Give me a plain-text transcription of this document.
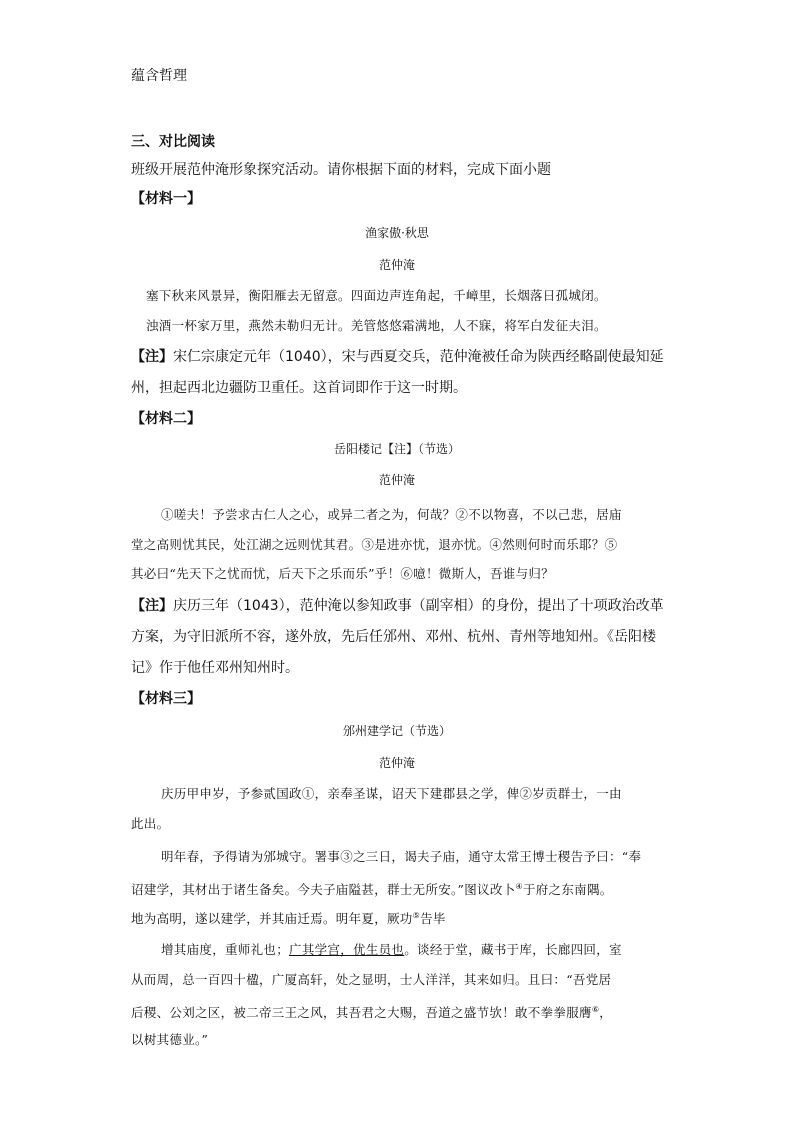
蕴含哲理
三、对比阅读
班级开展范仲淹形象探究活动。请你根据下面的材料，完成下面小题
【材料一】
渔家傲·秋思
范仲淹
塞下秋来风景异，衡阳雁去无留意。四面边声连角起，千嶂里，长烟落日孤城闭。
浊酒一杯家万里，燕然未勒归无计。羌管悠悠霜满地，人不寐，将军白发征夫泪。
【注】宋仁宗康定元年（1040），宋与西夏交兵，范仲淹被任命为陕西经略副使最知延
州，担起西北边疆防卫重任。这首词即作于这一时期。
【材料二】
岳阳楼记【注】（节选）
范仲淹
①嗟夫！予尝求古仁人之心，或异二者之为，何哉？②不以物喜，不以己悲，居庙
堂之高则忧其民，处江湖之远则忧其君。③是进亦忧，退亦忧。④然则何时而乐耶？⑤
其必曰“先天下之忧而忧，后天下之乐而乐”乎！⑥噫！微斯人，吾谁与归？
【注】庆历三年（1043），范仲淹以参知政事（副宰相）的身份，提出了十项政治改革
方案，为守旧派所不容，遂外放，先后任邠州、邓州、杭州、青州等地知州。《岳阳楼
记》作于他任邓州知州时。
【材料三】
邠州建学记（节选）
范仲淹
庆历甲申岁，予参贰国政①，亲奉圣谋，诏天下建郡县之学，俾②岁贡群士，一由
此出。
明年春，予得请为邠城守。署事③之三日，谒夫子庙，通守太常王博士稷告予曰：“奉
诏建学，其材出于诸生备矣。今夫子庙隘甚，群士无所安。”图议改卜④于府之东南隅。
地为高明，遂以建学，并其庙迁焉。明年夏，厥功⑤告毕
增其庙度，重师礼也；广其学宫，优生员也。谈经于堂，藏书于库，长廊四回，室
从而周，总一百四十楹，广厦高轩，处之显明，士人洋洋，其来如归。且曰：“吾党居
后稷、公刘之区，被二帝三王之风，其吾君之大赐，吾道之盛节欤！敢不拳拳服膺⑥，
以树其德业。”
